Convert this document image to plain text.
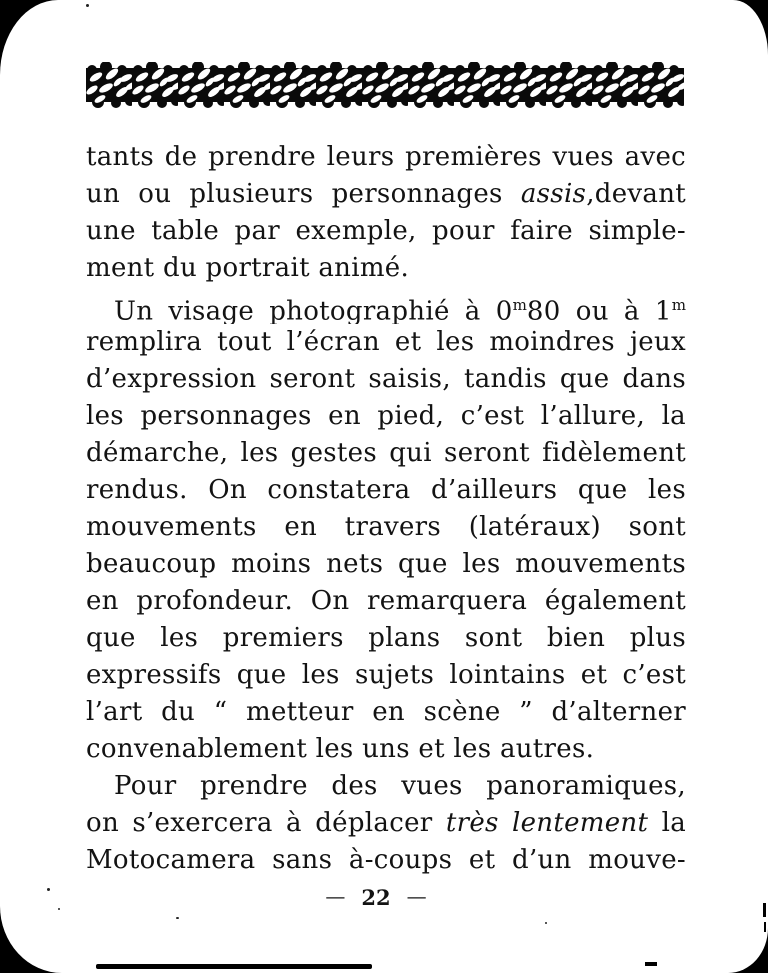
tants de prendre leurs premières vues avec
un ou plusieurs personnages assis,devant
une table par exemple, pour faire simple-
ment du portrait animé.
Un visage photographié à 0$^m$80 ou à 1$^m$
remplira tout l’écran et les moindres jeux
d’expression seront saisis, tandis que dans
les personnages en pied, c’est l’allure, la
démarche, les gestes qui seront fidèlement
rendus. On constatera d’ailleurs que les
mouvements en travers (latéraux) sont
beaucoup moins nets que les mouvements
en profondeur. On remarquera également
que les premiers plans sont bien plus
expressifs que les sujets lointains et c’est
l’art du “ metteur en scène ” d’alterner
convenablement les uns et les autres.
Pour prendre des vues panoramiques,
on s’exercera à déplacer très lentement la
Motocamera sans à-coups et d’un mouve-
— 22 —
